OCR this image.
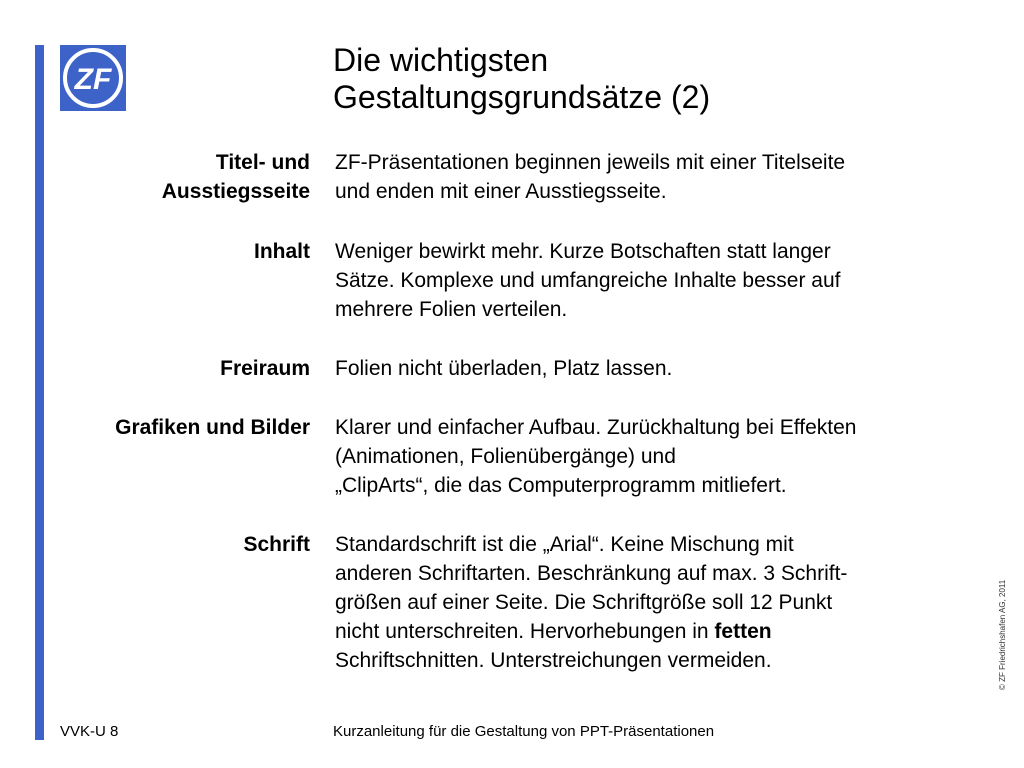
ZF
Die wichtigsten
Gestaltungsgrundsätze (2)
Titel- und
Ausstiegsseite
ZF-Präsentationen beginnen jeweils mit einer Titelseite
und enden mit einer Ausstiegsseite.
Inhalt Weniger bewirkt mehr. Kurze Botschaften statt langer
Sätze. Komplexe und umfangreiche Inhalte besser auf
mehrere Folien verteilen.
Freiraum Folien nicht überladen, Platz lassen.
Grafiken und Bilder Klarer und einfacher Aufbau. Zurückhaltung bei Effekten
(Animationen, Folienübergänge) und
„ClipArts“, die das Computerprogramm mitliefert.
Schrift Standardschrift ist die „Arial“. Keine Mischung mit
anderen Schriftarten. Beschränkung auf max. 3 Schrift-
größen auf einer Seite. Die Schriftgröße soll 12 Punkt
nicht unterschreiten. Hervorhebungen in fetten
Schriftschnitten. Unterstreichungen vermeiden.
VVK-U 8	Kurzanleitung für die Gestaltung von PPT-Präsentationen
© ZF Friedrichshafen AG, 2011
